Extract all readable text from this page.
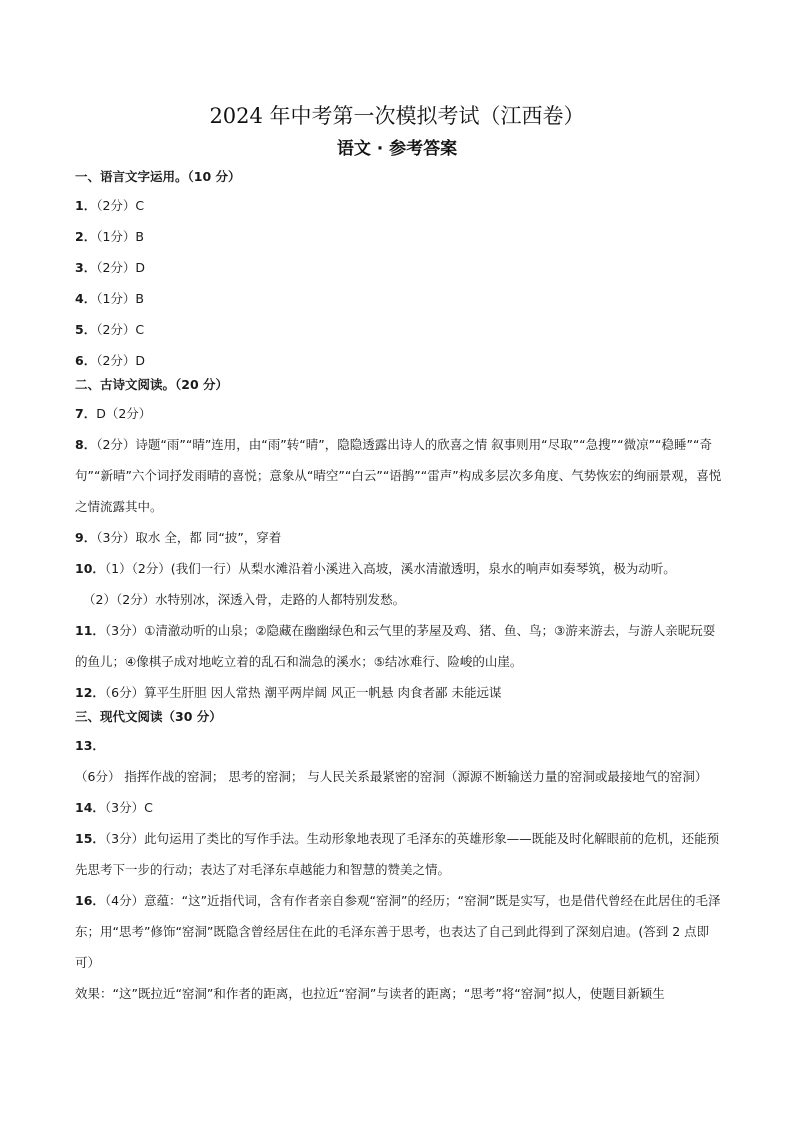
2024 年中考第一次模拟考试（江西卷）
语文 · 参考答案
一、语言文字运用。（10 分）

1．（2分）C

2．（1分）B

3．（2分）D

4．（1分）B

5．（2分）C

6．（2分）D

二、古诗文阅读。（20 分）

7．D（2分）

8．（2分）诗题“雨”“晴”连用，由“雨”转“晴”，隐隐透露出诗人的欣喜之情 叙事则用“尽取”“急搜”“微凉”“稳睡”“奇句”“新晴”六个词抒发雨晴的喜悦；意象从“晴空”“白云”“语鹊”“雷声”构成多层次多角度、气势恢宏的绚丽景观，喜悦之情流露其中。

9．（3分）取水 全，都 同“披”，穿着

10．（1）（2分）(我们一行）从梨水滩沿着小溪进入高坡，溪水清澈透明，泉水的响声如奏琴筑，极为动听。

（2）（2分）水特别冰，深透入骨，走路的人都特别发愁。

11．（3分）①清澈动听的山泉；②隐藏在幽幽绿色和云气里的茅屋及鸡、猪、鱼、鸟；③游来游去，与游人亲昵玩耍的鱼儿；④像棋子成对地屹立着的乱石和湍急的溪水；⑤结冰难行、险峻的山崖。

12．（6分）算平生肝胆 因人常热 潮平两岸阔 风正一帆悬 肉食者鄙 未能远谋

三、现代文阅读（30 分）

13．（6分） 指挥作战的窑洞； 思考的窑洞； 与人民关系最紧密的窑洞（源源不断输送力量的窑洞或最接地气的窑洞）

14．（3分）C

15．（3分）此句运用了类比的写作手法。生动形象地表现了毛泽东的英雄形象——既能及时化解眼前的危机，还能预先思考下一步的行动；表达了对毛泽东卓越能力和智慧的赞美之情。

16．（4分）意蕴：“这”近指代词，含有作者亲自参观“窑洞”的经历；“窑洞”既是实写，也是借代曾经在此居住的毛泽东；用“思考”修饰“窑洞”既隐含曾经居住在此的毛泽东善于思考，也表达了自己到此得到了深刻启迪。(答到 2 点即可）

效果：“这”既拉近“窑洞”和作者的距离，也拉近“窑洞”与读者的距离；“思考”将“窑洞”拟人，使题目新颖生
